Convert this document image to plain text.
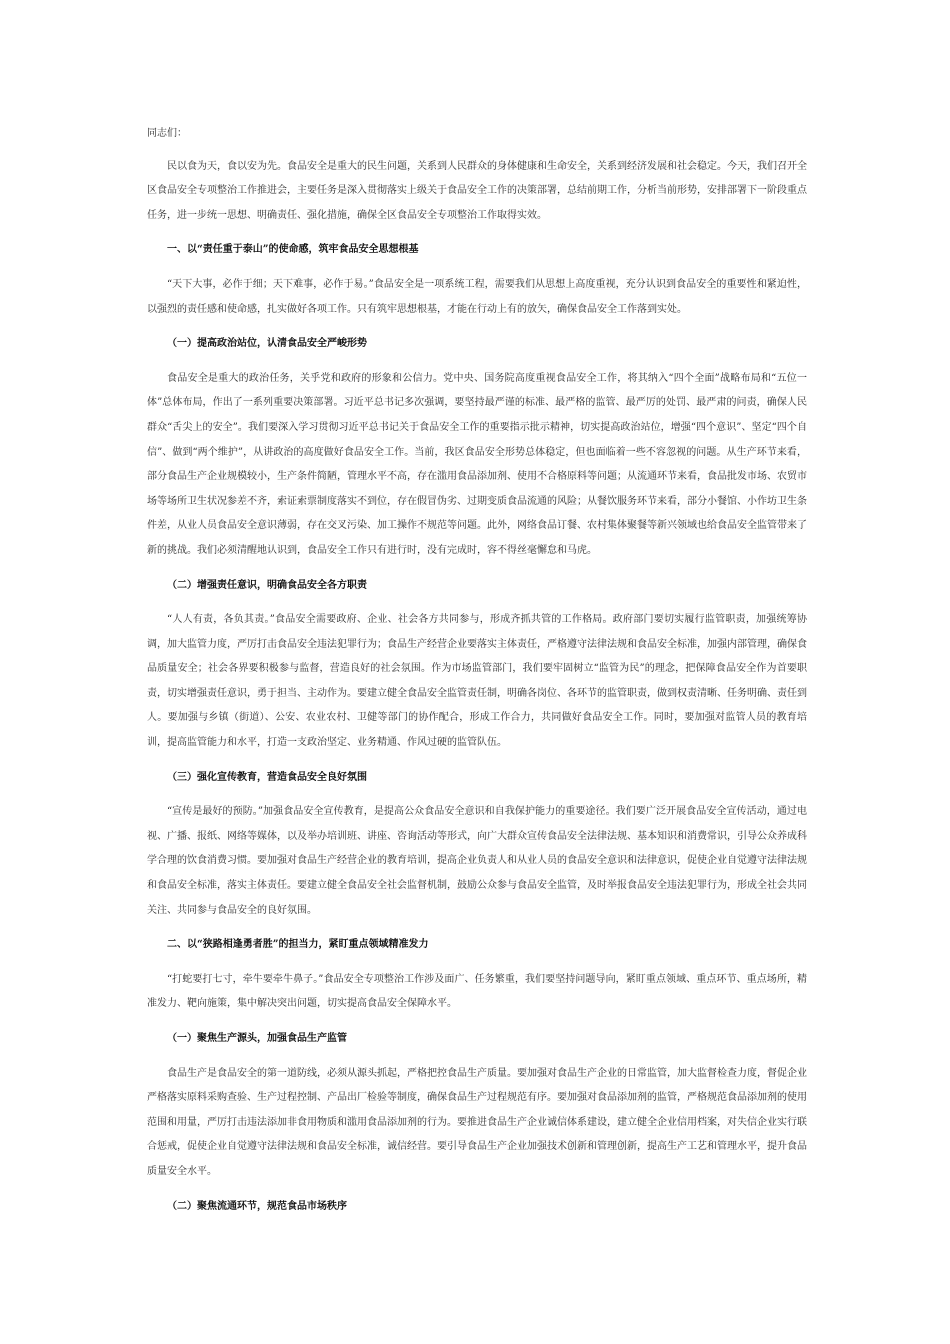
同志们：

民以食为天，食以安为先。食品安全是重大的民生问题，关系到人民群众的身体健康和生命安全，关系到经济发展和社会稳定。今天，我们召开全区食品安全专项整治工作推进会，主要任务是深入贯彻落实上级关于食品安全工作的决策部署，总结前期工作，分析当前形势，安排部署下一阶段重点任务，进一步统一思想、明确责任、强化措施，确保全区食品安全专项整治工作取得实效。

一、以“责任重于泰山”的使命感，筑牢食品安全思想根基

“天下大事，必作于细；天下难事，必作于易。”食品安全是一项系统工程，需要我们从思想上高度重视，充分认识到食品安全的重要性和紧迫性，以强烈的责任感和使命感，扎实做好各项工作。只有筑牢思想根基，才能在行动上有的放矢，确保食品安全工作落到实处。

（一）提高政治站位，认清食品安全严峻形势

食品安全是重大的政治任务，关乎党和政府的形象和公信力。党中央、国务院高度重视食品安全工作，将其纳入“四个全面”战略布局和“五位一体”总体布局，作出了一系列重要决策部署。习近平总书记多次强调，要坚持最严谨的标准、最严格的监管、最严厉的处罚、最严肃的问责，确保人民群众“舌尖上的安全”。我们要深入学习贯彻习近平总书记关于食品安全工作的重要指示批示精神，切实提高政治站位，增强“四个意识”、坚定“四个自信”、做到“两个维护”，从讲政治的高度做好食品安全工作。当前，我区食品安全形势总体稳定，但也面临着一些不容忽视的问题。从生产环节来看，部分食品生产企业规模较小，生产条件简陋，管理水平不高，存在滥用食品添加剂、使用不合格原料等问题；从流通环节来看，食品批发市场、农贸市场等场所卫生状况参差不齐，索证索票制度落实不到位，存在假冒伪劣、过期变质食品流通的风险；从餐饮服务环节来看，部分小餐馆、小作坊卫生条件差，从业人员食品安全意识薄弱，存在交叉污染、加工操作不规范等问题。此外，网络食品订餐、农村集体聚餐等新兴领域也给食品安全监管带来了新的挑战。我们必须清醒地认识到，食品安全工作只有进行时，没有完成时，容不得丝毫懈怠和马虎。

（二）增强责任意识，明确食品安全各方职责

“人人有责，各负其责。”食品安全需要政府、企业、社会各方共同参与，形成齐抓共管的工作格局。政府部门要切实履行监管职责，加强统筹协调，加大监管力度，严厉打击食品安全违法犯罪行为；食品生产经营企业要落实主体责任，严格遵守法律法规和食品安全标准，加强内部管理，确保食品质量安全；社会各界要积极参与监督，营造良好的社会氛围。作为市场监管部门，我们要牢固树立“监管为民”的理念，把保障食品安全作为首要职责，切实增强责任意识，勇于担当、主动作为。要建立健全食品安全监管责任制，明确各岗位、各环节的监管职责，做到权责清晰、任务明确、责任到人。要加强与乡镇（街道）、公安、农业农村、卫健等部门的协作配合，形成工作合力，共同做好食品安全工作。同时，要加强对监管人员的教育培训，提高监管能力和水平，打造一支政治坚定、业务精通、作风过硬的监管队伍。

（三）强化宣传教育，营造食品安全良好氛围

“宣传是最好的预防。”加强食品安全宣传教育，是提高公众食品安全意识和自我保护能力的重要途径。我们要广泛开展食品安全宣传活动，通过电视、广播、报纸、网络等媒体，以及举办培训班、讲座、咨询活动等形式，向广大群众宣传食品安全法律法规、基本知识和消费常识，引导公众养成科学合理的饮食消费习惯。要加强对食品生产经营企业的教育培训，提高企业负责人和从业人员的食品安全意识和法律意识，促使企业自觉遵守法律法规和食品安全标准，落实主体责任。要建立健全食品安全社会监督机制，鼓励公众参与食品安全监管，及时举报食品安全违法犯罪行为，形成全社会共同关注、共同参与食品安全的良好氛围。

二、以“狭路相逢勇者胜”的担当力，紧盯重点领域精准发力

“打蛇要打七寸，牵牛要牵牛鼻子。”食品安全专项整治工作涉及面广、任务繁重，我们要坚持问题导向，紧盯重点领域、重点环节、重点场所，精准发力、靶向施策，集中解决突出问题，切实提高食品安全保障水平。

（一）聚焦生产源头，加强食品生产监管

食品生产是食品安全的第一道防线，必须从源头抓起，严格把控食品生产质量。要加强对食品生产企业的日常监管，加大监督检查力度，督促企业严格落实原料采购查验、生产过程控制、产品出厂检验等制度，确保食品生产过程规范有序。要加强对食品添加剂的监管，严格规范食品添加剂的使用范围和用量，严厉打击违法添加非食用物质和滥用食品添加剂的行为。要推进食品生产企业诚信体系建设，建立健全企业信用档案，对失信企业实行联合惩戒，促使企业自觉遵守法律法规和食品安全标准，诚信经营。要引导食品生产企业加强技术创新和管理创新，提高生产工艺和管理水平，提升食品质量安全水平。

（二）聚焦流通环节，规范食品市场秩序
